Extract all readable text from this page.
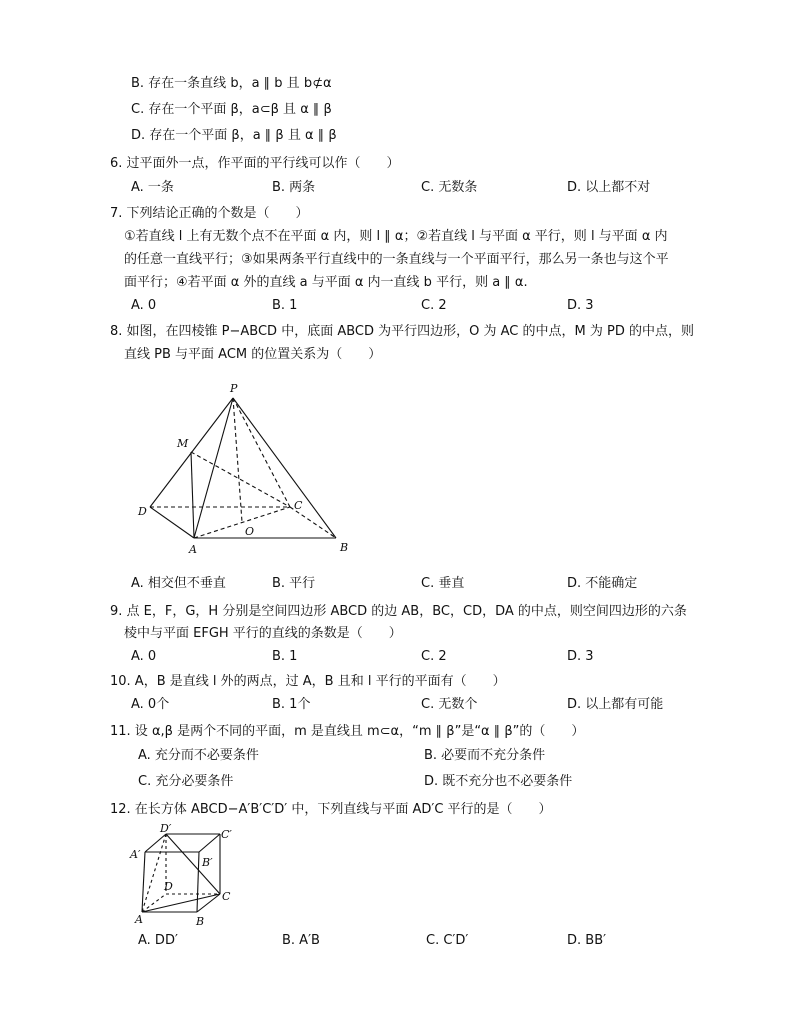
B. 存在一条直线 b，a ∥ b 且 b⊄α
C. 存在一个平面 β，a⊂β 且 α ∥ β
D. 存在一个平面 β，a ∥ β 且 α ∥ β
6. 过平面外一点，作平面的平行线可以作（　　）
A. 一条	B. 两条	C. 无数条	D. 以上都不对
7. 下列结论正确的个数是（　　）
①若直线 l 上有无数个点不在平面 α 内，则 l ∥ α；②若直线 l 与平面 α 平行，则 l 与平面 α 内
的任意一直线平行；③如果两条平行直线中的一条直线与一个平面平行，那么另一条也与这个平
面平行；④若平面 α 外的直线 a 与平面 α 内一直线 b 平行，则 a ∥ α.
A. 0	B. 1	C. 2	D. 3
8. 如图，在四棱锥 P−ABCD 中，底面 ABCD 为平行四边形，O 为 AC 的中点，M 为 PD 的中点，则
直线 PB 与平面 ACM 的位置关系为（　　）
P
M
D	C
O
A	B
A. 相交但不垂直	B. 平行	C. 垂直	D. 不能确定
9. 点 E，F，G，H 分别是空间四边形 ABCD 的边 AB，BC，CD，DA 的中点，则空间四边形的六条
棱中与平面 EFGH 平行的直线的条数是（　　）
A. 0	B. 1	C. 2	D. 3
10. A，B 是直线 l 外的两点，过 A，B 且和 l 平行的平面有（　　）
A. 0个	B. 1个	C. 无数个	D. 以上都有可能
11. 设 α,β 是两个不同的平面，m 是直线且 m⊂α，“m ∥ β”是“α ∥ β”的（　　）
A. 充分而不必要条件	B. 必要而不充分条件
C. 充分必要条件	D. 既不充分也不必要条件
12. 在长方体 ABCD−A′B′C′D′ 中，下列直线与平面 AD′C 平行的是（　　）
D′	C′
A′
B′
D
C
A	B
A. DD′	B. A′B	C. C′D′	D. BB′
